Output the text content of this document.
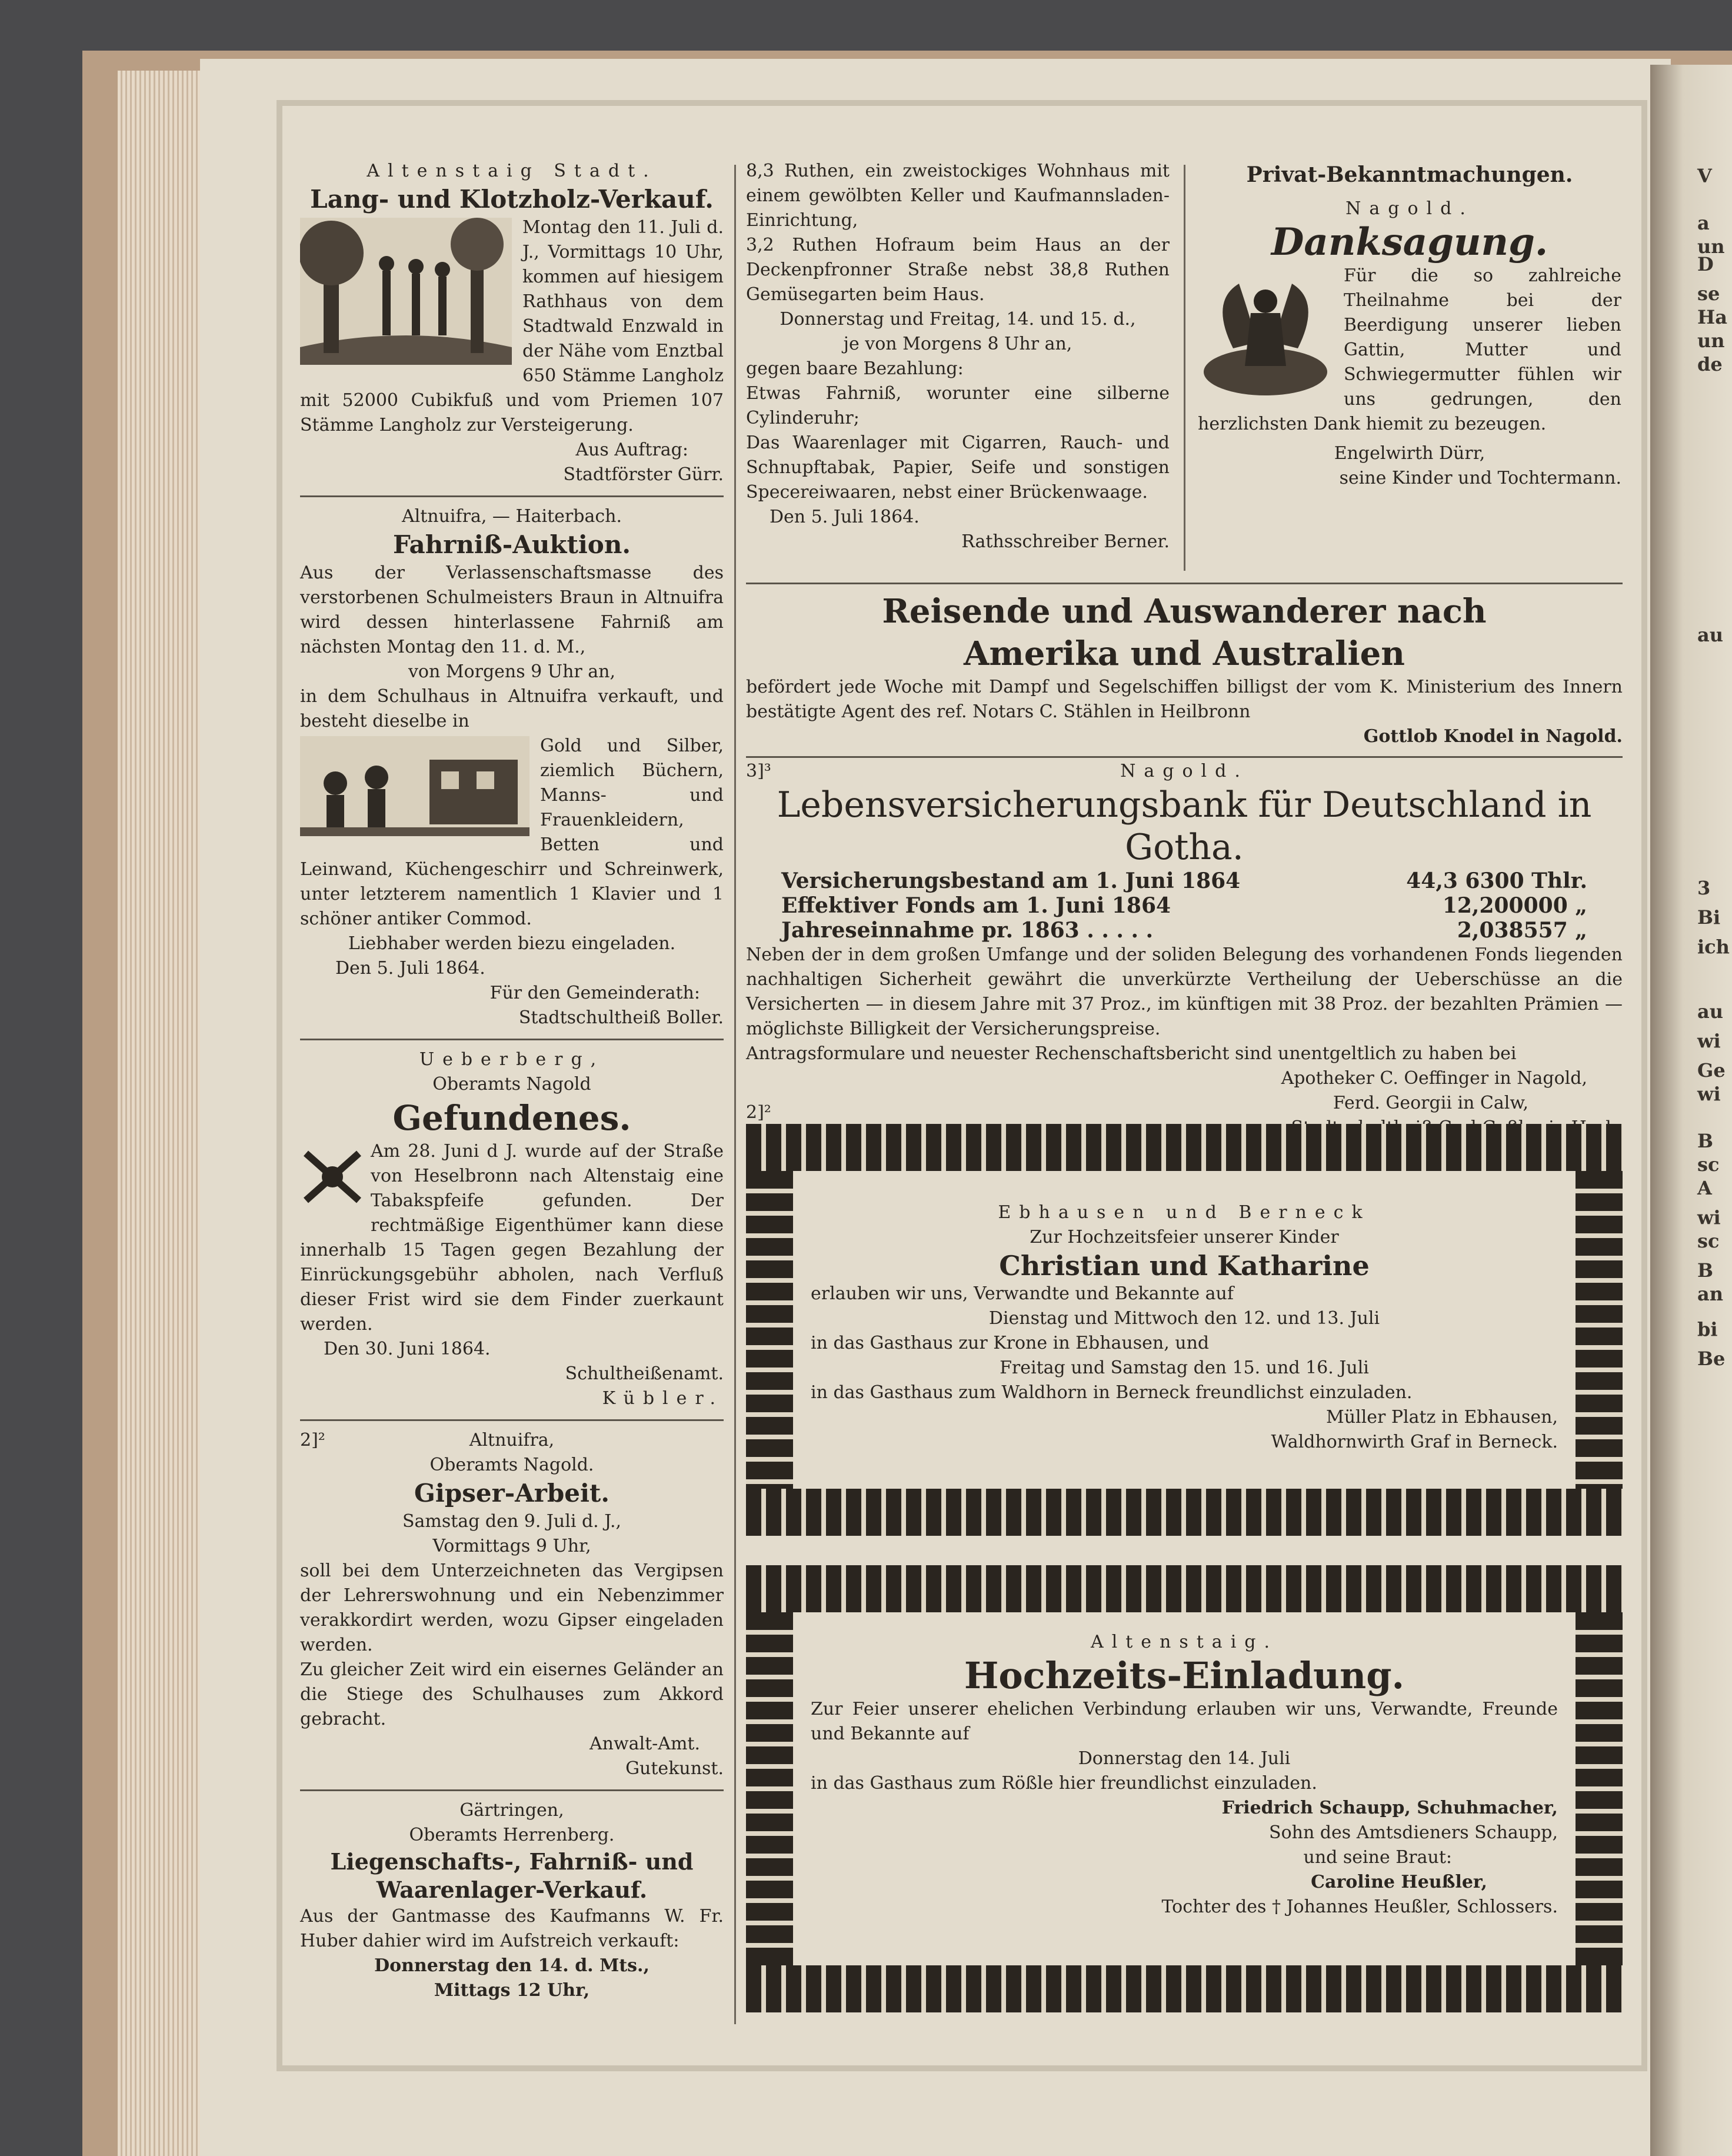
V
a
un
D
se
Ha
un
de
au
3
Bi
ich
au
wi
Ge
wi
B
sc
A
wi
sc
B
an
bi
Be
Altenstaig Stadt.
Lang- und Klotzholz-Verkauf.
Montag den 11. Juli d. J., Vormittags 10 Uhr, kommen auf hiesigem Rathhaus von dem Stadtwald Enzwald in der Nähe vom Enztbal 650 Stämme Langholz mit 52000 Cubikfuß und vom Priemen 107 Stämme Langholz zur Versteigerung.
Aus Auftrag:
Stadtförster Gürr.
Altnuifra, — Haiterbach.
Fahrniß-Auktion.
Aus der Verlassenschaftsmasse des verstorbenen Schulmeisters Braun in Altnuifra wird dessen hinterlassene Fahrniß am nächsten Montag den 11. d. M.,
von Morgens 9 Uhr an,
in dem Schulhaus in Altnuifra verkauft, und besteht dieselbe in
Gold und Silber, ziemlich Büchern, Manns- und Frauenkleidern, Betten und Leinwand, Küchengeschirr und Schreinwerk, unter letzterem namentlich 1 Klavier und 1 schöner antiker Commod.
Liebhaber werden biezu eingeladen.
Den 5. Juli 1864.
Für den Gemeinderath:
Stadtschultheiß Boller.
Ueberberg,
Oberamts Nagold
Gefundenes.
Am 28. Juni d J. wurde auf der Straße von Heselbronn nach Altenstaig eine Tabakspfeife gefunden. Der rechtmäßige Eigenthümer kann diese innerhalb 15 Tagen gegen Bezahlung der Einrückungsgebühr abholen, nach Verfluß dieser Frist wird sie dem Finder zuerkaunt werden.
Den 30. Juni 1864.
Schultheißenamt.
Kübler.
2]²	Altnuifra,
Oberamts Nagold.
Gipser-Arbeit.
Samstag den 9. Juli d. J.,
Vormittags 9 Uhr,
soll bei dem Unterzeichneten das Vergipsen der Lehrerswohnung und ein Nebenzimmer verakkordirt werden, wozu Gipser eingeladen werden.
Zu gleicher Zeit wird ein eisernes Geländer an die Stiege des Schulhauses zum Akkord gebracht.
Anwalt-Amt.
Gutekunst.
Gärtringen,
Oberamts Herrenberg.
Liegenschafts-, Fahrniß- und Waarenlager-Verkauf.
Aus der Gantmasse des Kaufmanns W. Fr. Huber dahier wird im Aufstreich verkauft:
Donnerstag den 14. d. Mts.,
Mittags 12 Uhr,
8,3 Ruthen, ein zweistockiges Wohnhaus mit einem gewölbten Keller und Kaufmannsladen-Einrichtung,
3,2 Ruthen Hofraum beim Haus an der Deckenpfronner Straße nebst 38,8 Ruthen Gemüsegarten beim Haus.
Donnerstag und Freitag, 14. und 15. d.,
je von Morgens 8 Uhr an,
gegen baare Bezahlung:
Etwas Fahrniß, worunter eine silberne Cylinderuhr;
Das Waarenlager mit Cigarren, Rauch- und Schnupftabak, Papier, Seife und sonstigen Specereiwaaren, nebst einer Brückenwaage.
Den 5. Juli 1864.
Rathsschreiber Berner.
Privat-Bekanntmachungen.
Nagold.
Danksagung.
Für die so zahlreiche Theilnahme bei der Beerdigung unserer lieben Gattin, Mutter und Schwiegermutter fühlen wir uns gedrungen, den herzlichsten Dank hiemit zu bezeugen.
Engelwirth Dürr,
seine Kinder und Tochtermann.
Reisende und Auswanderer nach
Amerika und Australien
befördert jede Woche mit Dampf und Segelschiffen billigst der vom K. Ministerium des Innern bestätigte Agent des ref. Notars C. Stählen in Heilbronn
Gottlob Knodel in Nagold.
3]³	Nagold.
Lebensversicherungsbank für Deutschland in Gotha.
Versicherungsbestand am 1. Juni 1864	44,3 6300 Thlr.
Effektiver Fonds am 1. Juni 1864	12,200000 „
Jahreseinnahme pr. 1863 . . . . .	2,038557 „
Neben der in dem großen Umfange und der soliden Belegung des vorhandenen Fonds liegenden nachhaltigen Sicherheit gewährt die unverkürzte Vertheilung der Ueberschüsse an die Versicherten — in diesem Jahre mit 37 Proz., im künftigen mit 38 Proz. der bezahlten Prämien — möglichste Billigkeit der Versicherungspreise.
Antragsformulare und neuester Rechenschaftsbericht sind unentgeltlich zu haben bei
Apotheker C. Oeffinger in Nagold,
Ferd. Georgii in Calw,
2]²
Ebhausen und Berneck
Zur Hochzeitsfeier unserer Kinder
Christian und Katharine
erlauben wir uns, Verwandte und Bekannte auf
Dienstag und Mittwoch den 12. und 13. Juli
in das Gasthaus zur Krone in Ebhausen, und
Freitag und Samstag den 15. und 16. Juli
in das Gasthaus zum Waldhorn in Berneck freundlichst einzuladen.
Müller Platz in Ebhausen,
Waldhornwirth Graf in Berneck.
Altenstaig.
Hochzeits-Einladung.
Zur Feier unserer ehelichen Verbindung erlauben wir uns, Verwandte, Freunde und Bekannte auf
Donnerstag den 14. Juli
in das Gasthaus zum Rößle hier freundlichst einzuladen.
Friedrich Schaupp, Schuhmacher,
Sohn des Amtsdieners Schaupp,
und seine Braut:
Caroline Heußler,
Tochter des † Johannes Heußler, Schlossers.
